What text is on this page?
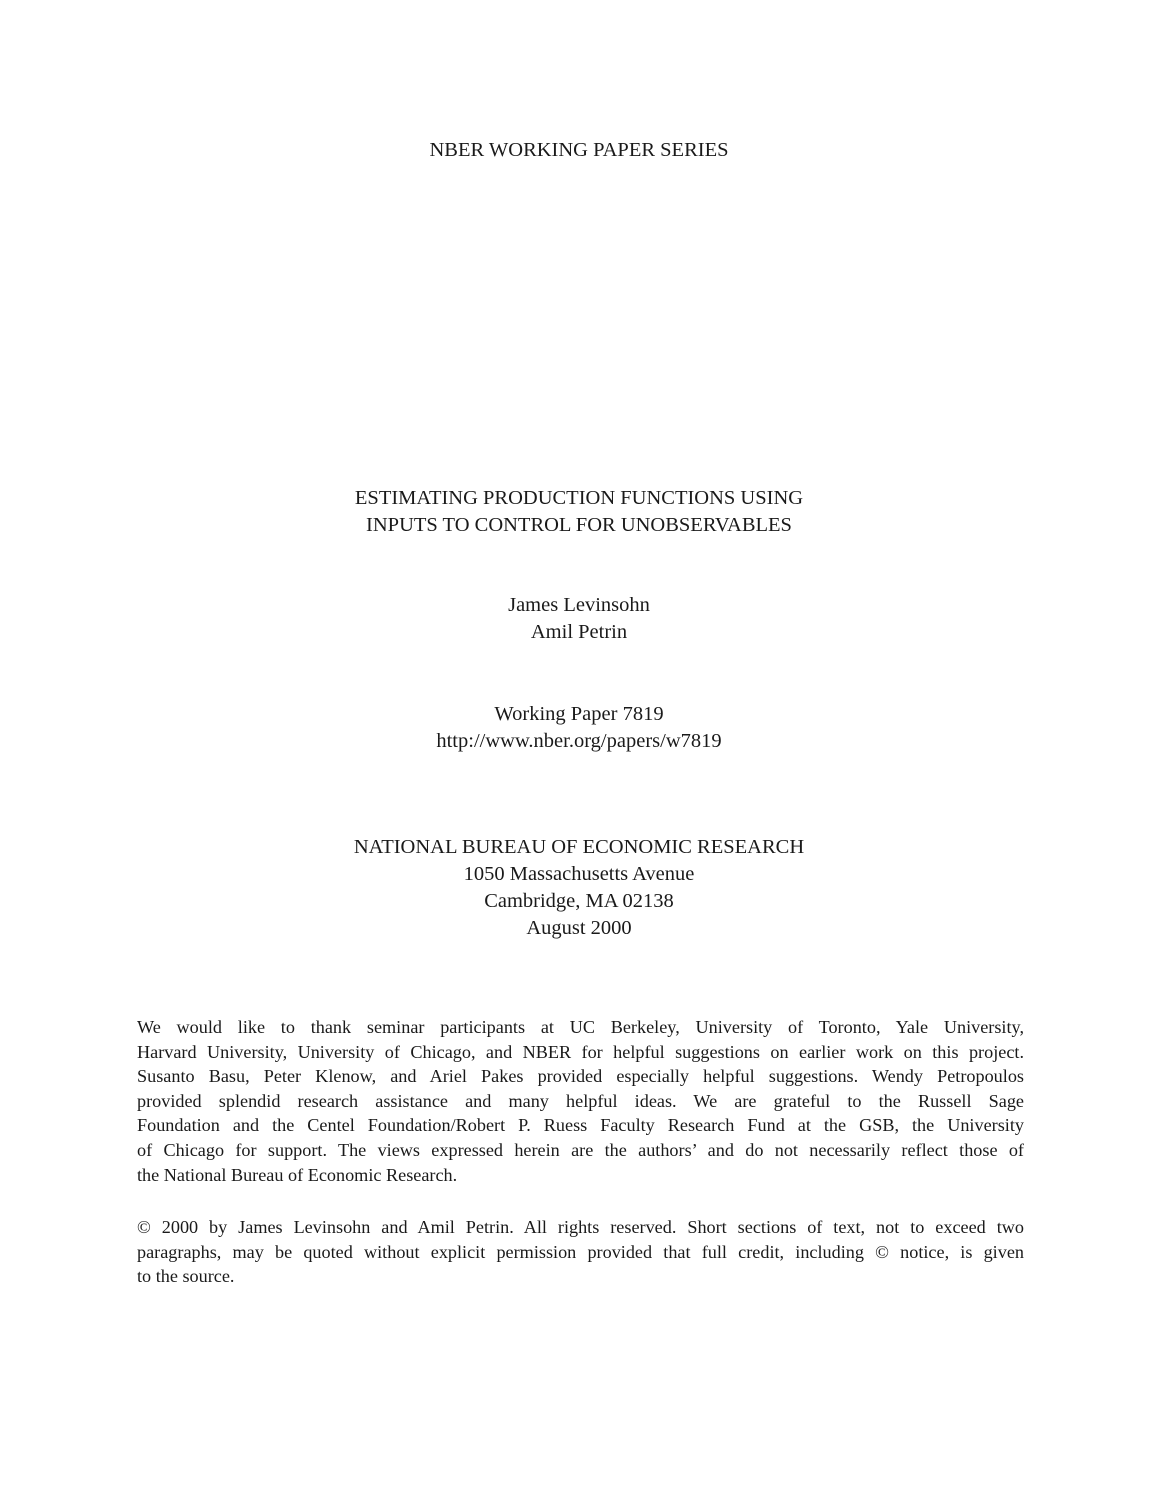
NBER WORKING PAPER SERIES
ESTIMATING PRODUCTION FUNCTIONS USING
INPUTS TO CONTROL FOR UNOBSERVABLES
James Levinsohn
Amil Petrin
Working Paper 7819
http://www.nber.org/papers/w7819
NATIONAL BUREAU OF ECONOMIC RESEARCH
1050 Massachusetts Avenue
Cambridge, MA 02138
August 2000
We would like to thank seminar participants at UC Berkeley, University of Toronto, Yale University,
Harvard University, University of Chicago, and NBER for helpful suggestions on earlier work on this project.
Susanto Basu, Peter Klenow, and Ariel Pakes provided especially helpful suggestions. Wendy Petropoulos
provided splendid research assistance and many helpful ideas. We are grateful to the Russell Sage
Foundation and the Centel Foundation/Robert P. Ruess Faculty Research Fund at the GSB, the University
of Chicago for support. The views expressed herein are the authors’ and do not necessarily reflect those of
the National Bureau of Economic Research.
© 2000 by James Levinsohn and Amil Petrin. All rights reserved. Short sections of text, not to exceed two
paragraphs, may be quoted without explicit permission provided that full credit, including © notice, is given
to the source.
